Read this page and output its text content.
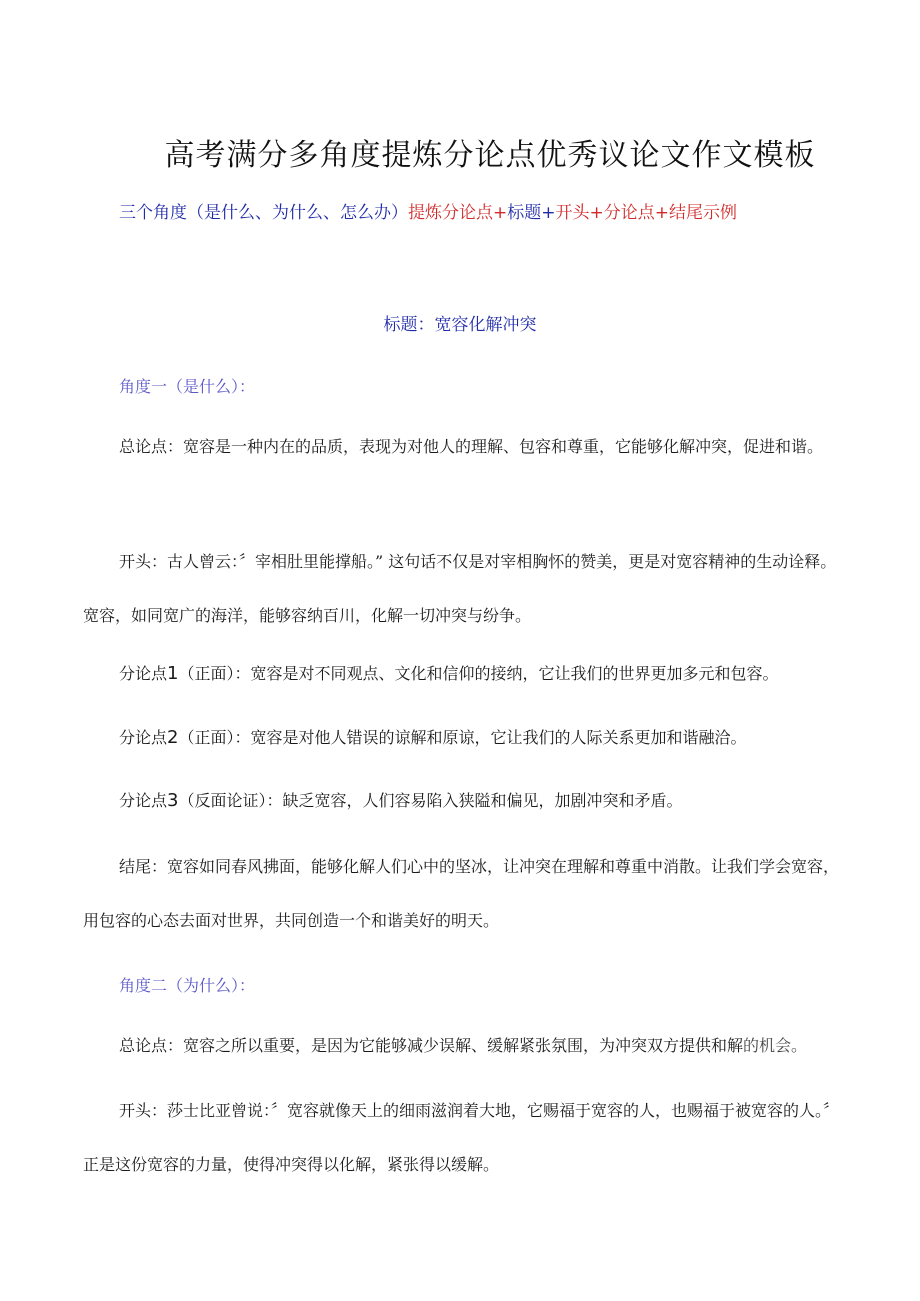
高考满分多角度提炼分论点优秀议论文作文模板
三个角度（是什么、为什么、怎么办）提炼分论点+标题+开头+分论点+结尾示例
标题：宽容化解冲突
角度一（是什么）：

总论点：宽容是一种内在的品质，表现为对他人的理解、包容和尊重，它能够化解冲突，促进和谐。

开头：古人曾云：〞宰相肚里能撑船。” 这句话不仅是对宰相胸怀的赞美，更是对宽容精神的生动诠释。宽容，如同宽广的海洋，能够容纳百川，化解一切冲突与纷争。

分论点1（正面）：宽容是对不同观点、文化和信仰的接纳，它让我们的世界更加多元和包容。

分论点2（正面）：宽容是对他人错误的谅解和原谅，它让我们的人际关系更加和谐融洽。

分论点3（反面论证）：缺乏宽容，人们容易陷入狭隘和偏见，加剧冲突和矛盾。

结尾：宽容如同春风拂面，能够化解人们心中的坚冰，让冲突在理解和尊重中消散。让我们学会宽容，用包容的心态去面对世界，共同创造一个和谐美好的明天。

角度二（为什么）：

总论点：宽容之所以重要，是因为它能够减少误解、缓解紧张氛围，为冲突双方提供和解的机会。

开头：莎士比亚曾说：〞宽容就像天上的细雨滋润着大地，它赐福于宽容的人，也赐福于被宽容的人。〞正是这份宽容的力量，使得冲突得以化解，紧张得以缓解。
